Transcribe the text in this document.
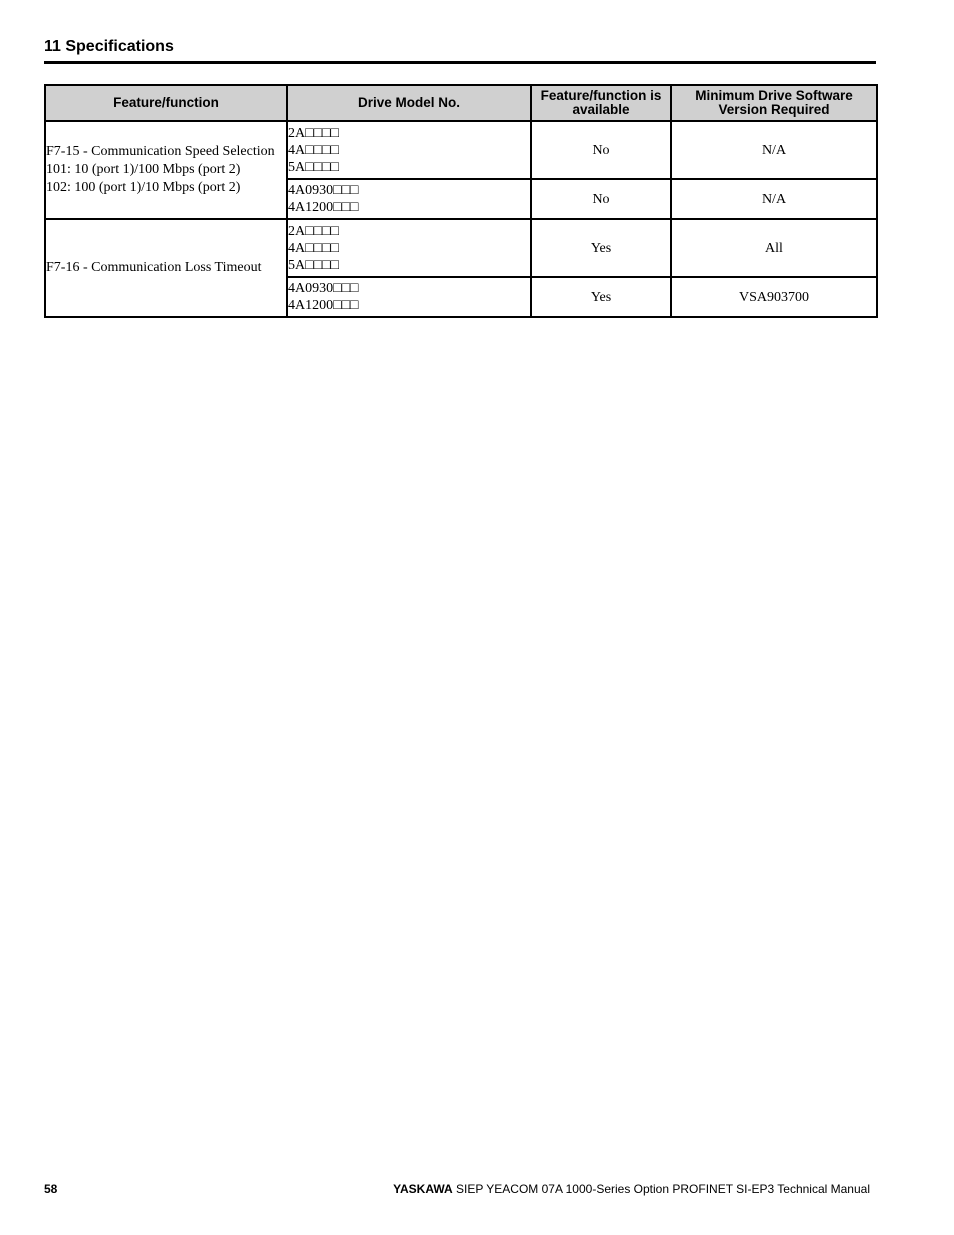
11 Specifications
Feature/function	Drive Model No.	Feature/function is available	Minimum Drive Software Version Required

F7-15 - Communication Speed Selection
101: 10 (port 1)/100 Mbps (port 2)
102: 100 (port 1)/10 Mbps (port 2)	2A□□□□
4A□□□□
5A□□□□	No	N/A

	4A0930□□□
4A1200□□□	No	N/A

F7-16 - Communication Loss Timeout	2A□□□□
4A□□□□
5A□□□□	Yes	All

	4A0930□□□
4A1200□□□	Yes	VSA903700
58	YASKAWA SIEP YEACOM 07A 1000-Series Option PROFINET SI-EP3 Technical Manual
